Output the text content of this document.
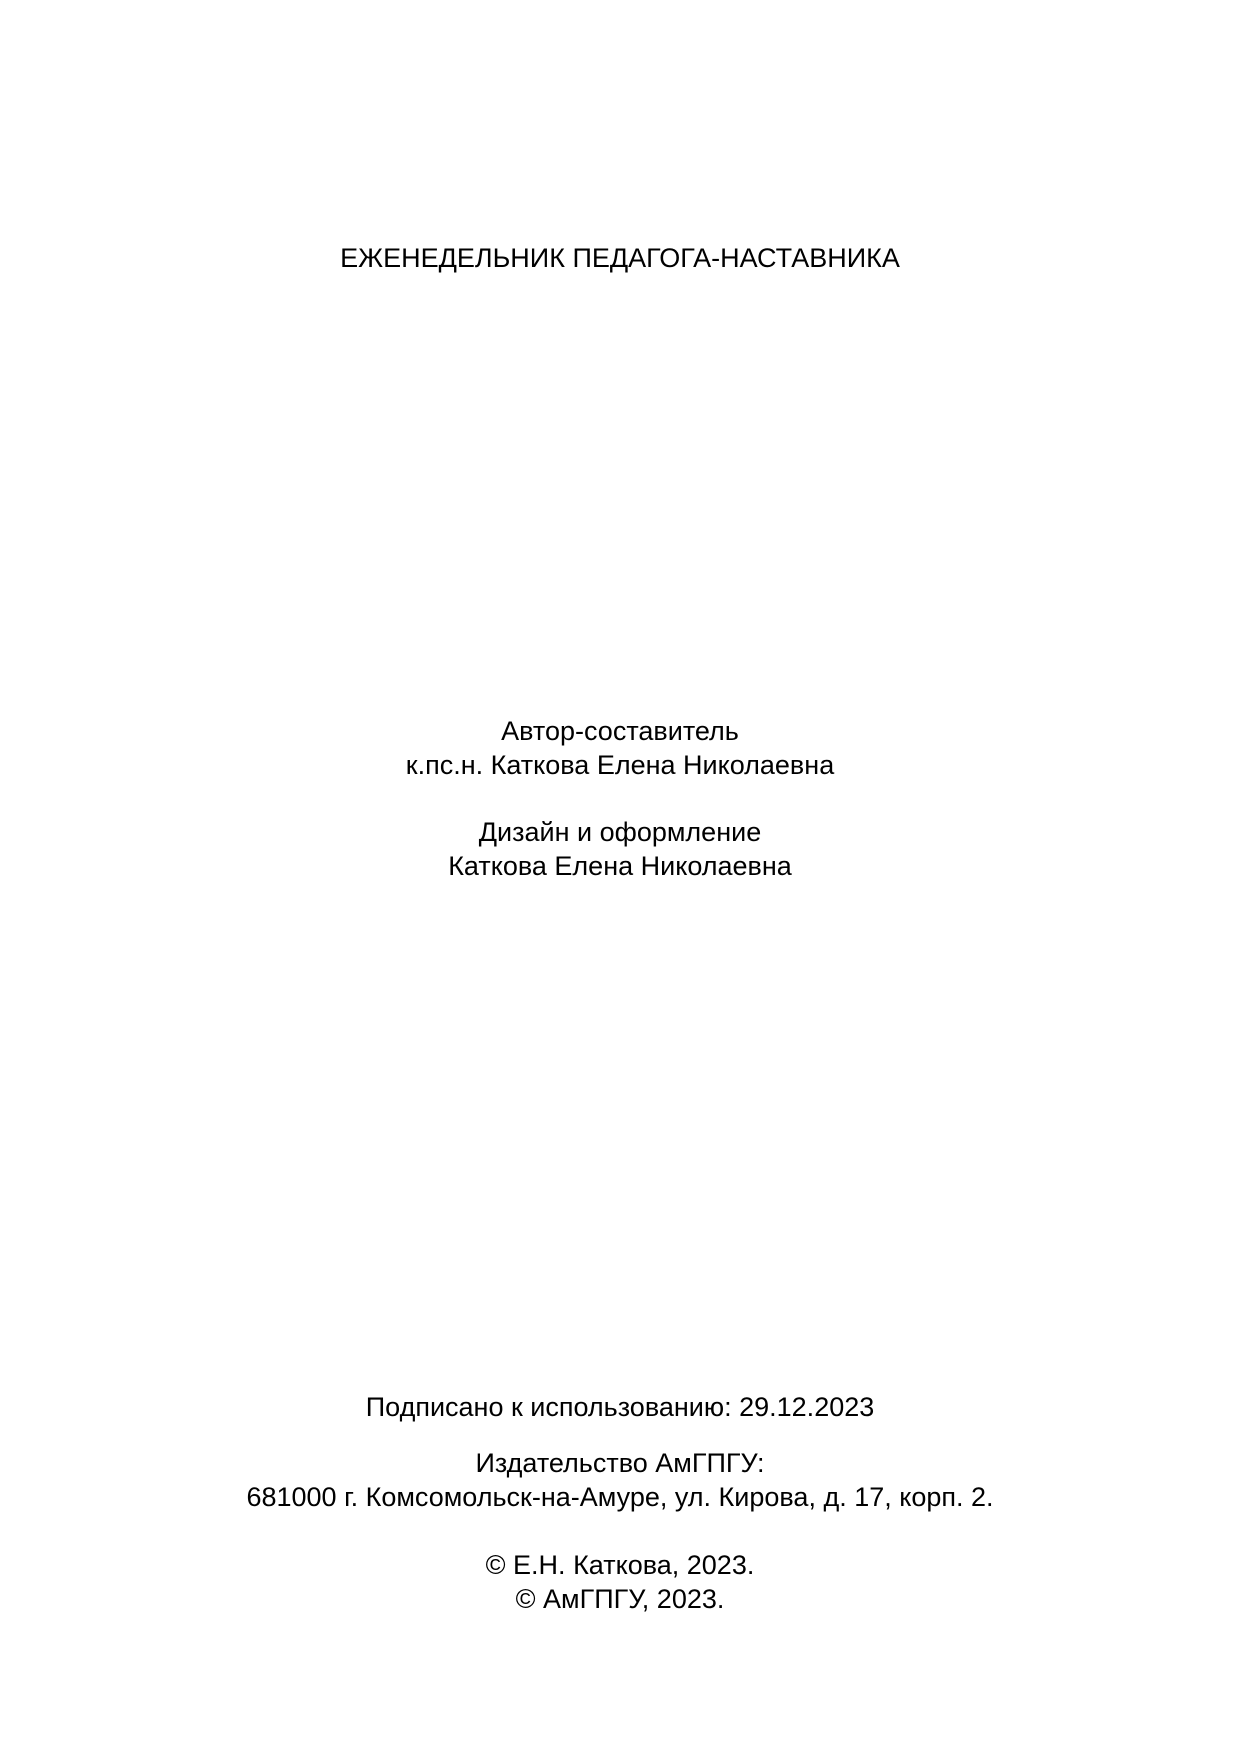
ЕЖЕНЕДЕЛЬНИК ПЕДАГОГА-НАСТАВНИКА
Автор-составитель
к.пс.н. Каткова Елена Николаевна
Дизайн и оформление
Каткова Елена Николаевна
Подписано к использованию: 29.12.2023
Издательство АмГПГУ:
681000 г. Комсомольск-на-Амуре, ул. Кирова, д. 17, корп. 2.
© Е.Н. Каткова, 2023.
© АмГПГУ, 2023.
